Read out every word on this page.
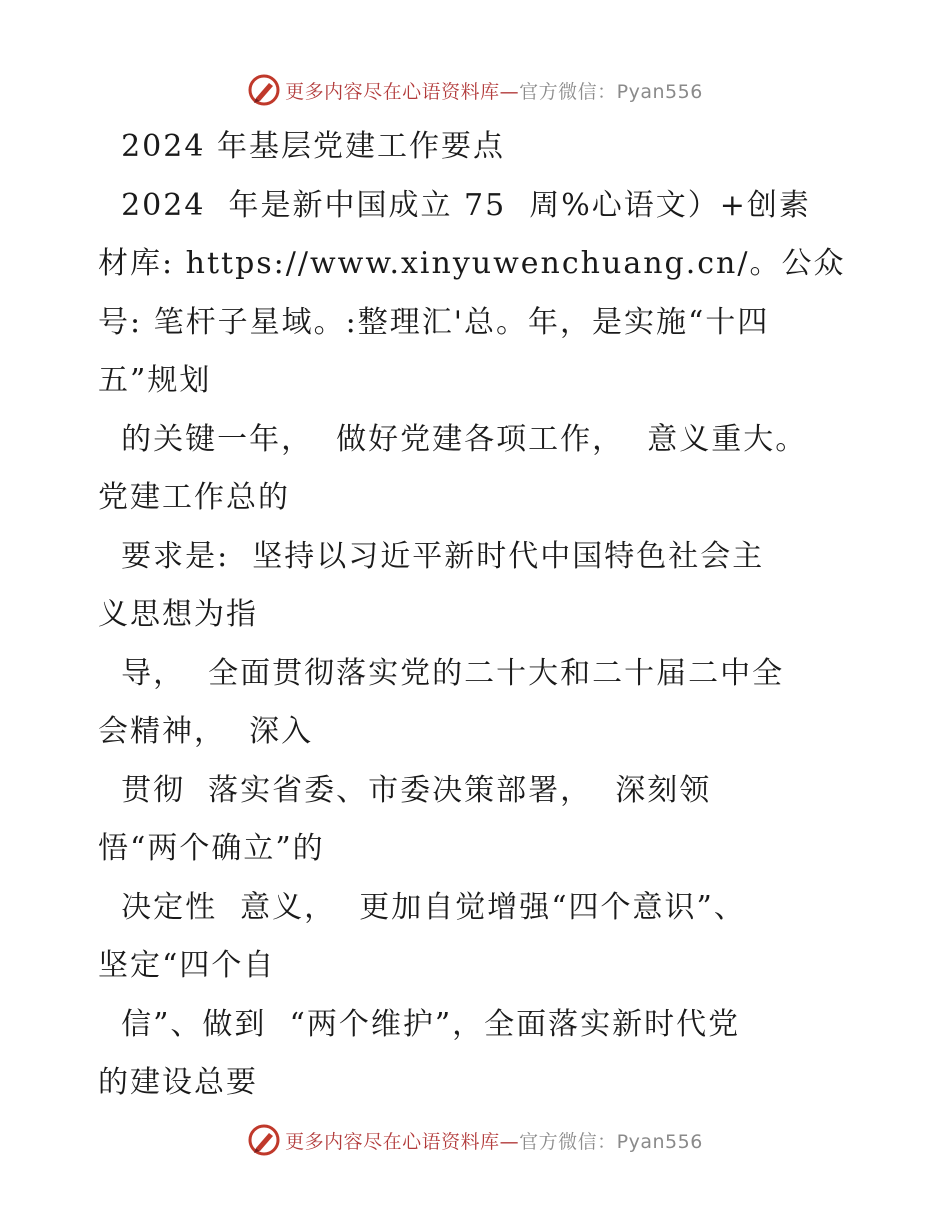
更多内容尽在心语资料库—官方微信：Pyan556
2024 年基层党建工作要点
2024  年是新中国成立 75  周%心语文）+创素
材库: https://www.xinyuwenchuang.cn/。公众
号: 笔杆子星域。:整理汇'总。年，是实施“十四
五”规划
的关键一年，  做好党建各项工作，  意义重大。
党建工作总的
要求是:  坚持以习近平新时代中国特色社会主
义思想为指
导，  全面贯彻落实党的二十大和二十届二中全
会精神，  深入
贯彻  落实省委、市委决策部署，  深刻领
悟“两个确立”的
决定性  意义，  更加自觉增强“四个意识”、
坚定“四个自
信”、做到  “两个维护”，全面落实新时代党
的建设总要
更多内容尽在心语资料库—官方微信：Pyan556
